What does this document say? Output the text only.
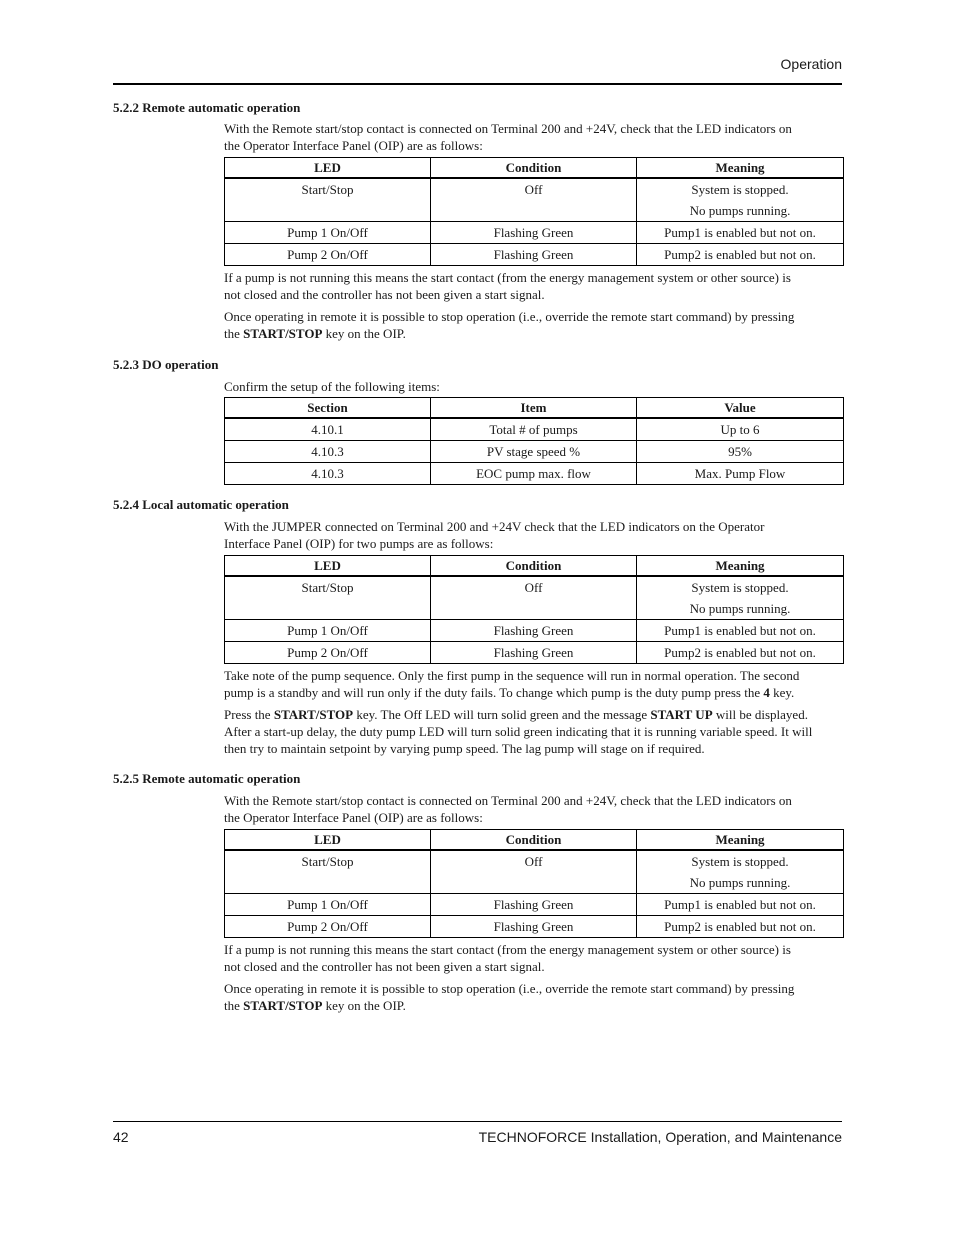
Operation
5.2.2 Remote automatic operation

With the Remote start/stop contact is connected on Terminal 200 and +24V, check that the LED indicators on
the Operator Interface Panel (OIP) are as follows:

LED	Condition	Meaning
Start/Stop	Off	System is stopped.
No pumps running.

Pump 1 On/Off	Flashing Green	Pump1 is enabled but not on.
Pump 2 On/Off	Flashing Green	Pump2 is enabled but not on.

If a pump is not running this means the start contact (from the energy management system or other source) is
not closed and the controller has not been given a start signal.

Once operating in remote it is possible to stop operation (i.e., override the remote start command) by pressing
the START/STOP key on the OIP.

5.2.3 DO operation

Confirm the setup of the following items:

Section	Item	Value
4.10.1	Total # of pumps	Up to 6
4.10.3	PV stage speed %	95%
4.10.3	EOC pump max. flow	Max. Pump Flow
5.2.4 Local automatic operation

With the JUMPER connected on Terminal 200 and +24V check that the LED indicators on the Operator
Interface Panel (OIP) for two pumps are as follows:

LED	Condition	Meaning
Start/Stop	Off	System is stopped.
No pumps running.

Pump 1 On/Off	Flashing Green	Pump1 is enabled but not on.
Pump 2 On/Off	Flashing Green	Pump2 is enabled but not on.

Take note of the pump sequence. Only the first pump in the sequence will run in normal operation. The second
pump is a standby and will run only if the duty fails. To change which pump is the duty pump press the 4 key.

Press the START/STOP key. The Off LED will turn solid green and the message START UP will be displayed.
After a start-up delay, the duty pump LED will turn solid green indicating that it is running variable speed. It will
then try to maintain setpoint by varying pump speed. The lag pump will stage on if required.

5.2.5 Remote automatic operation

With the Remote start/stop contact is connected on Terminal 200 and +24V, check that the LED indicators on
the Operator Interface Panel (OIP) are as follows:

LED	Condition	Meaning
Start/Stop	Off	System is stopped.
No pumps running.

Pump 1 On/Off	Flashing Green	Pump1 is enabled but not on.
Pump 2 On/Off	Flashing Green	Pump2 is enabled but not on.

If a pump is not running this means the start contact (from the energy management system or other source) is
not closed and the controller has not been given a start signal.

Once operating in remote it is possible to stop operation (i.e., override the remote start command) by pressing
the START/STOP key on the OIP.

42	TECHNOFORCE Installation, Operation, and Maintenance
